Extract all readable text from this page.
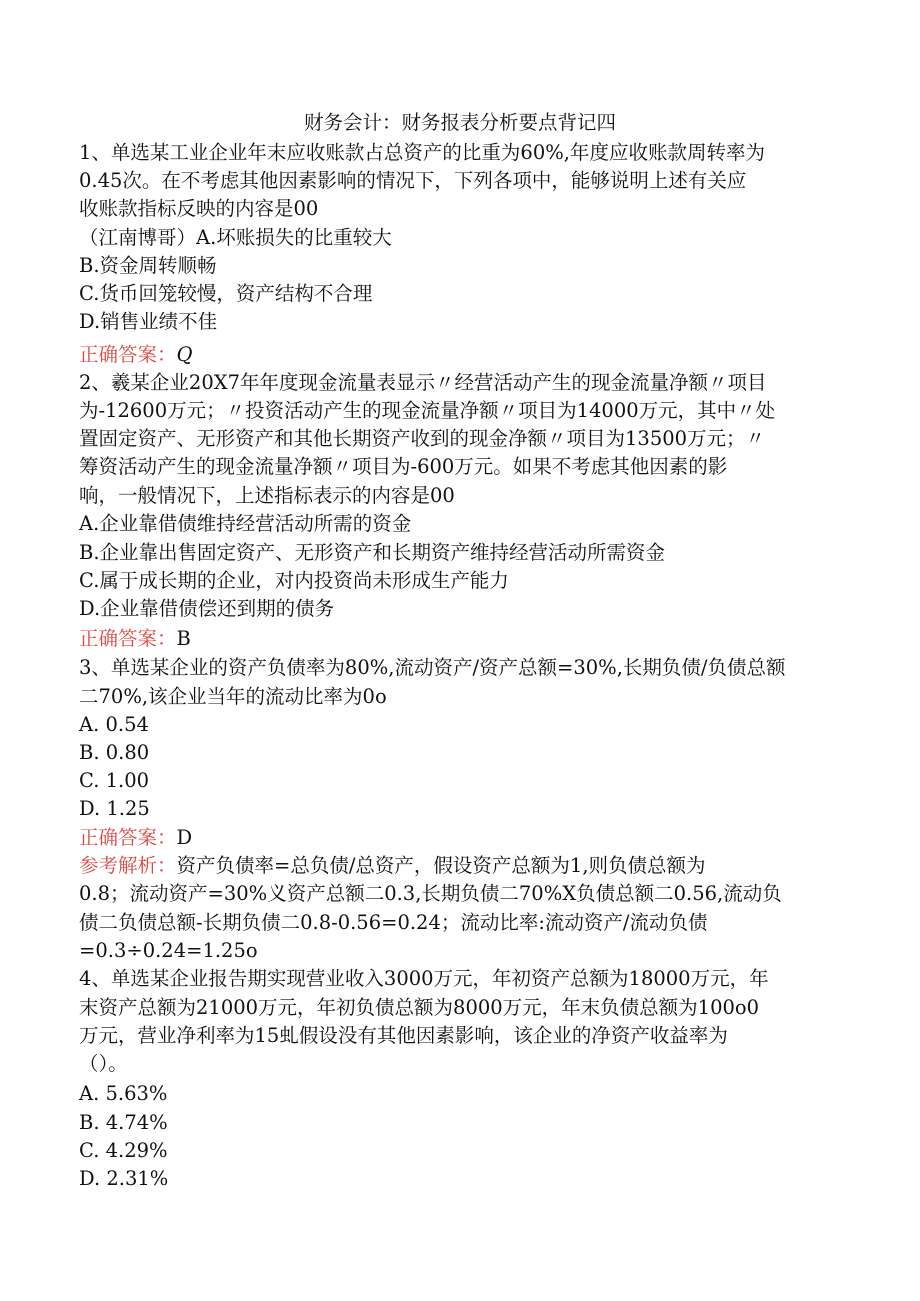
财务会计：财务报表分析要点背记四
1、单选某工业企业年末应收账款占总资产的比重为60%,年度应收账款周转率为
0.45次。在不考虑其他因素影响的情况下，下列各项中，能够说明上述有关应
收账款指标反映的内容是00
（江南博哥）A.坏账损失的比重较大
B.资金周转顺畅
C.货币回笼较慢，资产结构不合理
D.销售业绩不佳
正确答案：Q
2、羲某企业20X7年年度现金流量表显示〃经营活动产生的现金流量净额〃项目
为-12600万元；〃投资活动产生的现金流量净额〃项目为14000万元，其中〃处
置固定资产、无形资产和其他长期资产收到的现金净额〃项目为13500万元；〃
筹资活动产生的现金流量净额〃项目为-600万元。如果不考虑其他因素的影
响，一般情况下，上述指标表示的内容是00
A.企业靠借债维持经营活动所需的资金
B.企业靠出售固定资产、无形资产和长期资产维持经营活动所需资金
C.属于成长期的企业，对内投资尚未形成生产能力
D.企业靠借债偿还到期的债务
正确答案：B
3、单选某企业的资产负债率为80%,流动资产/资产总额=30%,长期负债/负债总额
二70%,该企业当年的流动比率为0o
A. 0.54
B. 0.80
C. 1.00
D. 1.25
正确答案：D
参考解析：资产负债率=总负债/总资产，假设资产总额为1,则负债总额为
0.8；流动资产=30%义资产总额二0.3,长期负债二70%X负债总额二0.56,流动负
债二负债总额-长期负债二0.8-0.56=0.24；流动比率:流动资产/流动负债
=0.3÷0.24=1.25o
4、单选某企业报告期实现营业收入3000万元，年初资产总额为18000万元，年
末资产总额为21000万元，年初负债总额为8000万元，年末负债总额为100o0
万元，营业净利率为15虬假设没有其他因素影响，该企业的净资产收益率为
（）。
A. 5.63%
B. 4.74%
C. 4.29%
D. 2.31%
